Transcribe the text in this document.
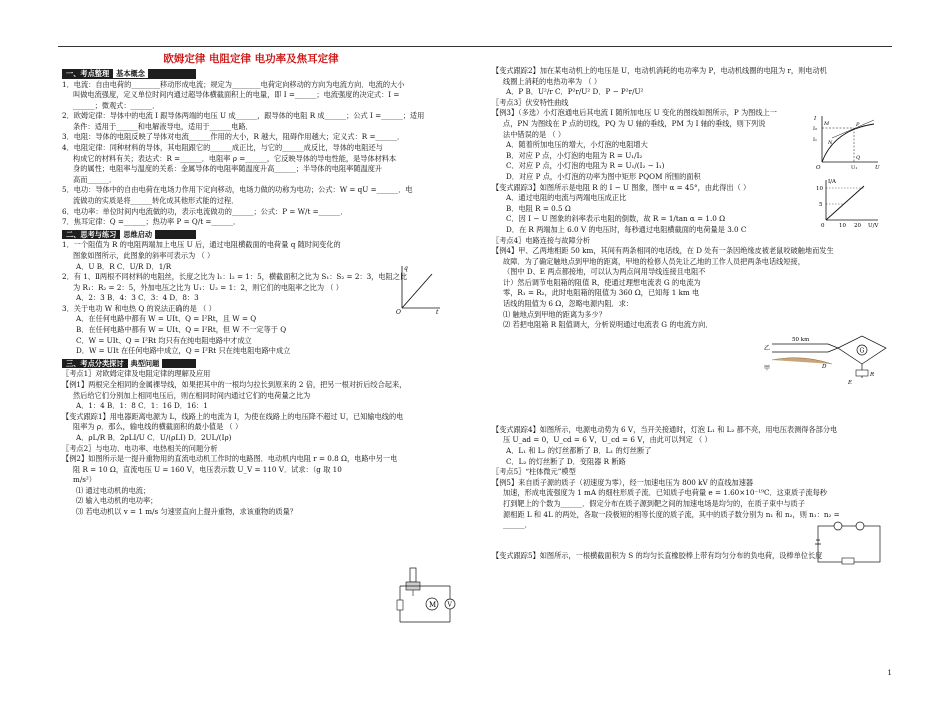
欧姆定律 电阻定律 电功率及焦耳定律
一、考点整理 基本概念

1．电流：自由电荷的________移动形成电流；规定为________电荷定向移动的方向为电流方向．电流的大小

叫做电流强度，定义单位时间内通过超导体横截面积上的电量，即 I =______；电流强度的决定式：I =

______；微观式：______．

2．欧姆定律：导体中的电流 I 跟导体两端的电压 U 成______，跟导体的电阻 R 成______；公式 I =______；适用

条件：适用于______和电解液导电，适用于______电路．

3．电阻：导体的电阻反映了导体对电流______作用的大小，R 越大，阻碍作用越大；定义式：R =______．

4．电阻定律：同种材料的导体，其电阻跟它的______成正比，与它的______成反比，导体的电阻还与

构成它的材料有关；表达式：R =______．电阻率 ρ =______，它反映导体的导电性能，是导体材料本

身的属性；电阻率与温度的关系：金属导体的电阻率随温度升高______；半导体的电阻率随温度升

高而______．

5．电功：导体中的自由电荷在电场力作用下定向移动，电场力做的功称为电功；公式：W = qU =______．电

流做功的实质是将______转化成其他形式能的过程．

6．电功率：单位时间内电流做的功，表示电流做功的______；公式：P = W/t =______．

7．焦耳定律：Q =______；热功率 P = Q/t =______．

二、思考与练习 思维启动

1．一个阻值为 R 的电阻两端加上电压 U 后，通过电阻横截面的电荷量 q 随时间变化的

图象如图所示，此图象的斜率可表示为 （ ）

A．U B．R C．U/R D．1/R

2．有 1、Ⅱ两根不同材料的电阻丝，长度之比为 l₁：l₂ = 1：5，横截面积之比为 S₁：S₂ = 2：3，电阻之比

为 R₁：R₂ = 2：5，外加电压之比为 U₁：U₂ = 1：2，则它们的电阻率之比为 （ ）

A．2：3 B．4：3 C．3：4 D．8：3

3．关于电功 W 和电热 Q 的说法正确的是 （ ）

A．在任何电路中都有 W = UIt、Q = I²Rt，且 W = Q

B．在任何电路中都有 W = UIt、Q = I²Rt，但 W 不一定等于 Q

C．W = UIt、Q = I²Rt 均只有在纯电阻电路中才成立

D．W = UIt 在任何电路中成立，Q = I²Rt 只在纯电阻电路中成立

三、考点分类探讨 典型问题

〖考点1〗对欧姆定律及电阻定律的理解及应用

【例1】两根完全相同的金属裸导线，如果把其中的一根均匀拉长到原来的 2 倍，把另一根对折后绞合起来，

然后给它们分别加上相同电压后，则在相同时间内通过它们的电荷量之比为

A．1：4 B．1：8 C．1：16 D．16：1

【变式跟踪1】用电器距离电源为 L，线路上的电流为 I，为使在线路上的电压降不超过 U，已知输电线的电

阻率为 ρ．那么，输电线的横截面积的最小值是 （ ）

A．ρL/R B．2ρLI/U C．U/(ρLI) D．2UL/(Iρ)

〖考点2〗与电功、电功率、电热相关的问题分析

【例2】如图所示是一提升重物用的直流电动机工作时的电路图．电动机内电阻 r = 0.8 Ω，电路中另一电

阻 R = 10 Ω，直流电压 U = 160 V，电压表示数 U_V = 110 V．试求：（g 取 10

m/s²）

⑴ 通过电动机的电流；

⑵ 输入电动机的电功率；

⑶ 若电动机以 v = 1 m/s 匀速竖直向上提升重物，求该重物的质量？

q
t
O
M V

【变式跟踪2】加在某电动机上的电压是 U，电动机消耗的电功率为 P，电动机线圈的电阻为 r，则电动机

线圈上消耗的电热功率为 （ ）

A．P B．U²/r C．P²r/U² D．P − P²r/U²

〖考点3〗伏安特性曲线

【例3】（多选）小灯泡通电后其电流 I 随所加电压 U 变化的图线如图所示，P 为图线上一

点，PN 为图线在 P 点的切线，PQ 为 U 轴的垂线，PM 为 I 轴的垂线，则下列说

法中错误的是 （ ）

A．随着所加电压的增大，小灯泡的电阻增大

B．对应 P 点，小灯泡的电阻为 R = U₁/I₂

C．对应 P 点，小灯泡的电阻为 R = U₁/(I₂ − I₁)

D．对应 P 点，小灯泡的功率为图中矩形 PQOM 所围的面积

【变式跟踪3】如图所示是电阻 R 的 I − U 图象，图中 α = 45°，由此得出（ ）

A．通过电阻的电流与两端电压成正比

B．电阻 R = 0.5 Ω

C．因 I − U 图象的斜率表示电阻的倒数，故 R = 1/tan α = 1.0 Ω

D．在 R 两端加上 6.0 V 的电压时，每秒通过电阻横截面的电荷量是 3.0 C

〖考点4〗电路连接与故障分析

【例4】甲、乙两地相距 50 km，其间有两条相同的电话线，在 D 处有一条因绝缘皮被老鼠咬破触地而发生

故障．为了确定触地点到甲地的距离，甲地的检修人员先让乙地的工作人员把两条电话线短接，

（图中 D、E 两点都接地，可以认为两点间用导线连接且电阻不

计）然后调节电阻箱的阻值 R，使通过理想电流表 G 的电流为

零，R₁ = R₂，此时电阻箱的阻值为 360 Ω，已知每 1 km 电

话线的阻值为 6 Ω，忽略电源内阻．求：

⑴ 触地点到甲地的距离为多少？

⑵ 若把电阻箱 R 阻值调大，分析说明通过电流表 G 的电流方向．

【变式跟踪4】如图所示，电源电动势为 6 V，当开关接通时，灯泡 L₁ 和 L₂ 都不亮，用电压表测得各部分电

压 U_ad = 0，U_cd = 6 V，U_cd = 6 V，由此可以判定 （ ）

A．L₁ 和 L₂ 的灯丝都断了 B．L₁ 的灯丝断了

C．L₂ 的灯丝断了 D．变阻器 R 断路

〖考点5〗“柱体微元”模型

【例5】来自质子源的质子（初速度为零），经一加速电压为 800 kV 的直线加速器

加速，形成电流强度为 1 mA 的细柱形质子流．已知质子电荷量 e = 1.60×10⁻¹⁹C．这束质子流每秒

打到靶上的个数为______．假定分布在质子源到靶之间的加速电场是均匀的，在质子束中与质子

源相距 L 和 4L 的两处，各取一段极短的相等长度的质子流，其中的质子数分别为 n₁ 和 n₂，则 n₁：n₂ =

______．

【变式跟踪5】如图所示，一根横截面积为 S 的均匀长直橡胶棒上带有均匀分布的负电荷，设棒单位长度

I
U
O	U₁
I₂
I₁
P
M
N
Q
I/A
U/V
10
5
0	10 20
50 km
乙
甲	D
G
R
E
1
